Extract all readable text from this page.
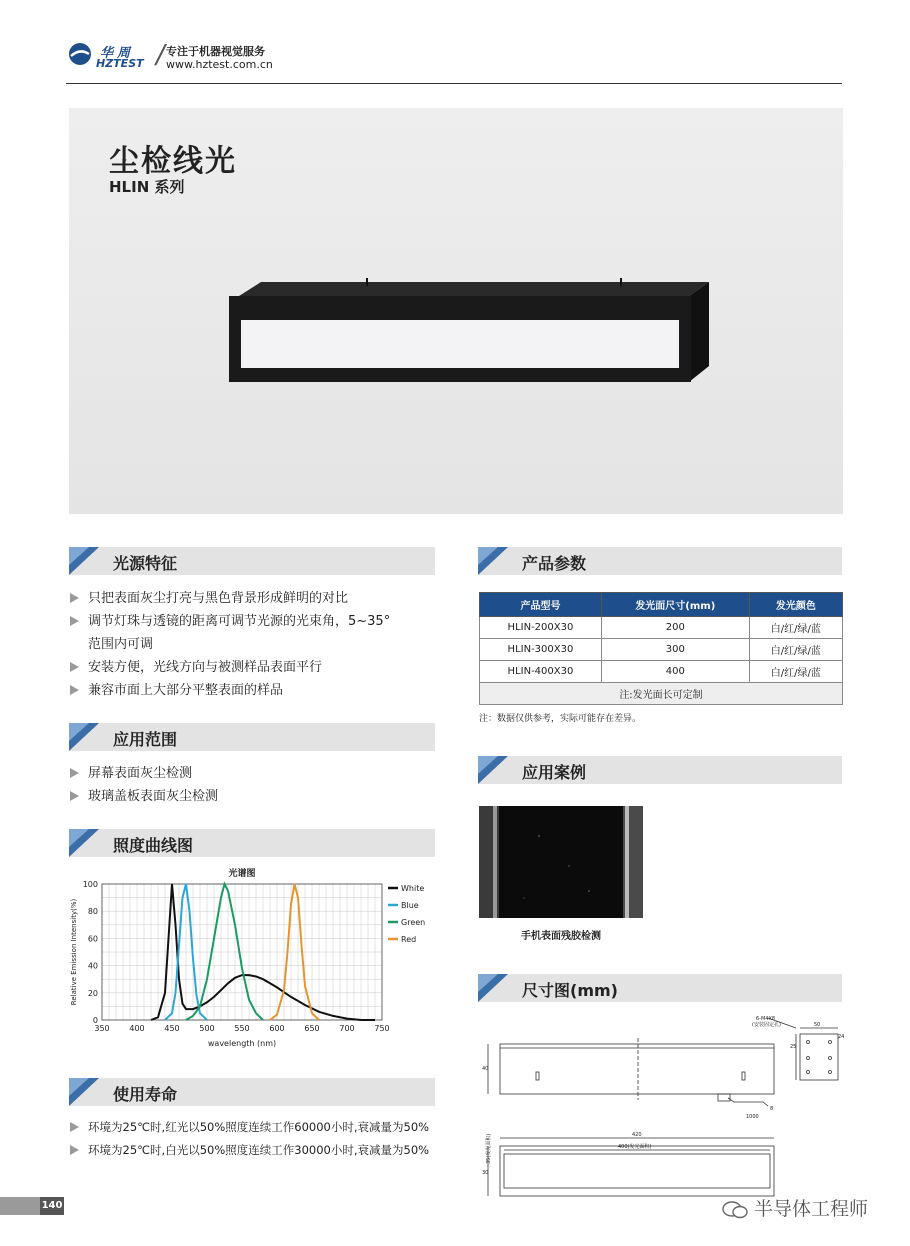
华周
HZTEST / 专注于机器视觉服务
www.hztest.com.cn
尘检线光
HLIN 系列
光源特征
只把表面灰尘打亮与黑色背景形成鲜明的对比
调节灯珠与透镜的距离可调节光源的光束角，5~35°
范围内可调
安装方便，光线方向与被测样品表面平行
兼容市面上大部分平整表面的样品
应用范围
屏幕表面灰尘检测
玻璃盖板表面灰尘检测
照度曲线图
光谱图
350 400 450 500 550 600 650 700 750
0
20
40
60
80
100
wavelength (nm)
Relative Emission Intensity(%)
White
Blue
Green
Red
使用寿命
环境为25℃时,红光以50%照度连续工作60000小时,衰减量为50%
环境为25℃时,白光以50%照度连续工作30000小时,衰减量为50%
产品参数
产品型号	发光面尺寸(mm)	发光颜色
HLIN-200X30	200	白/红/绿/蓝
HLIN-300X30	300	白/红/绿/蓝
HLIN-400X30	400	白/红/绿/蓝
注:发光面长可定制		
注：数据仅供参考，实际可能存在差异。
应用案例
手机表面残胶检测
尺寸图(mm)
6-M4X8
(安装固定孔)	50
24
25
40
1000
8
420
400(发光面积)
30
35(发光面积)
140	半导体工程师
